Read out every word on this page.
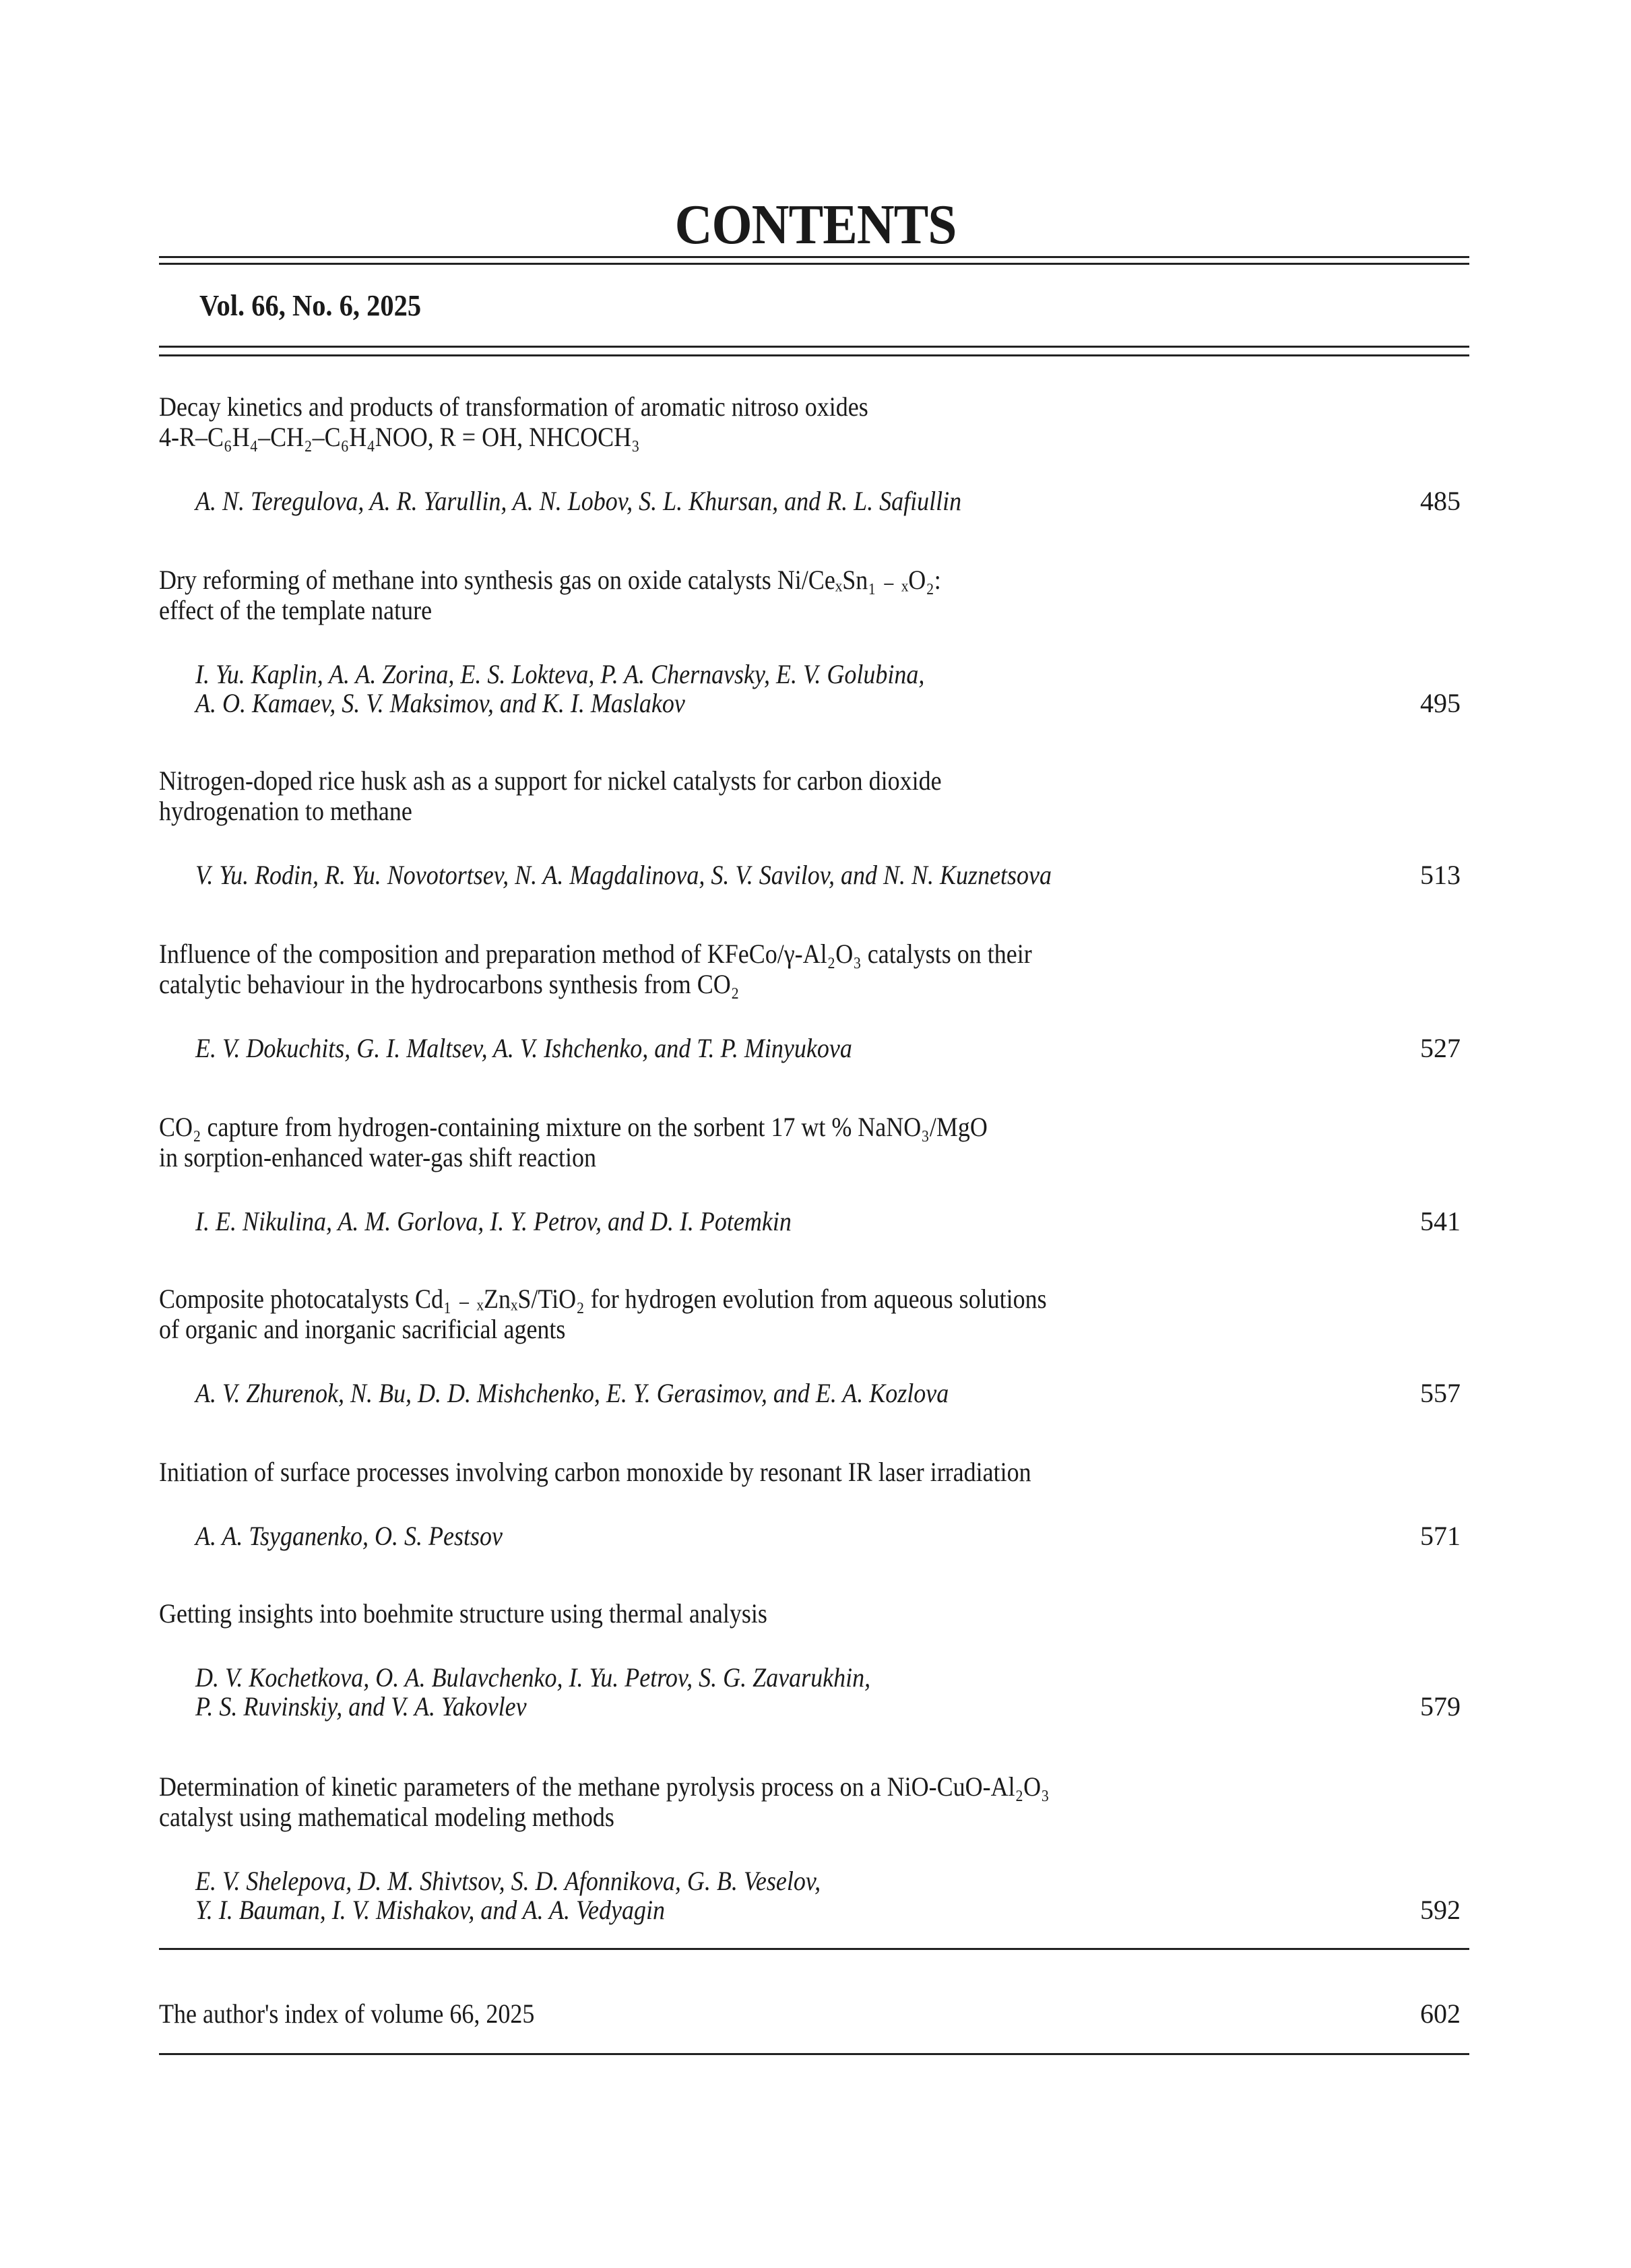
CONTENTS
Vol. 66, No. 6, 2025
Decay kinetics and products of transformation of aromatic nitroso oxides
4-R–C₆H₄–CH₂–C₆H₄NOO, R = OH, NHCOCH₃
A. N. Teregulova, A. R. Yarullin, A. N. Lobov, S. L. Khursan, and R. L. Safiullin	485
Dry reforming of methane into synthesis gas on oxide catalysts Ni/CeₓSn₁ ₋ ₓO₂:
effect of the template nature
I. Yu. Kaplin, A. A. Zorina, E. S. Lokteva, P. A. Chernavsky, E. V. Golubina,
A. O. Kamaev, S. V. Maksimov, and K. I. Maslakov	495
Nitrogen-doped rice husk ash as a support for nickel catalysts for carbon dioxide
hydrogenation to methane
V. Yu. Rodin, R. Yu. Novotortsev, N. A. Magdalinova, S. V. Savilov, and N. N. Kuznetsova	513
Influence of the composition and preparation method of KFeCo/γ-Al₂O₃ catalysts on their
catalytic behaviour in the hydrocarbons synthesis from CO₂
E. V. Dokuchits, G. I. Maltsev, A. V. Ishchenko, and T. P. Minyukova	527
CO₂ capture from hydrogen-containing mixture on the sorbent 17 wt % NaNO₃/MgO
in sorption-enhanced water-gas shift reaction
I. E. Nikulina, A. M. Gorlova, I. Y. Petrov, and D. I. Potemkin	541
Composite photocatalysts Cd₁ ₋ ₓZnₓS/TiO₂ for hydrogen evolution from aqueous solutions
of organic and inorganic sacrificial agents
A. V. Zhurenok, N. Bu, D. D. Mishchenko, E. Y. Gerasimov, and E. A. Kozlova	557
Initiation of surface processes involving carbon monoxide by resonant IR laser irradiation
A. A. Tsyganenko, O. S. Pestsov	571
Getting insights into boehmite structure using thermal analysis
D. V. Kochetkova, O. A. Bulavchenko, I. Yu. Petrov, S. G. Zavarukhin,
P. S. Ruvinskiy, and V. A. Yakovlev	579
Determination of kinetic parameters of the methane pyrolysis process on a NiO-CuO-Al₂O₃
catalyst using mathematical modeling methods
E. V. Shelepova, D. M. Shivtsov, S. D. Afonnikova, G. B. Veselov,
Y. I. Bauman, I. V. Mishakov, and A. A. Vedyagin	592
The author's index of volume 66, 2025	602
